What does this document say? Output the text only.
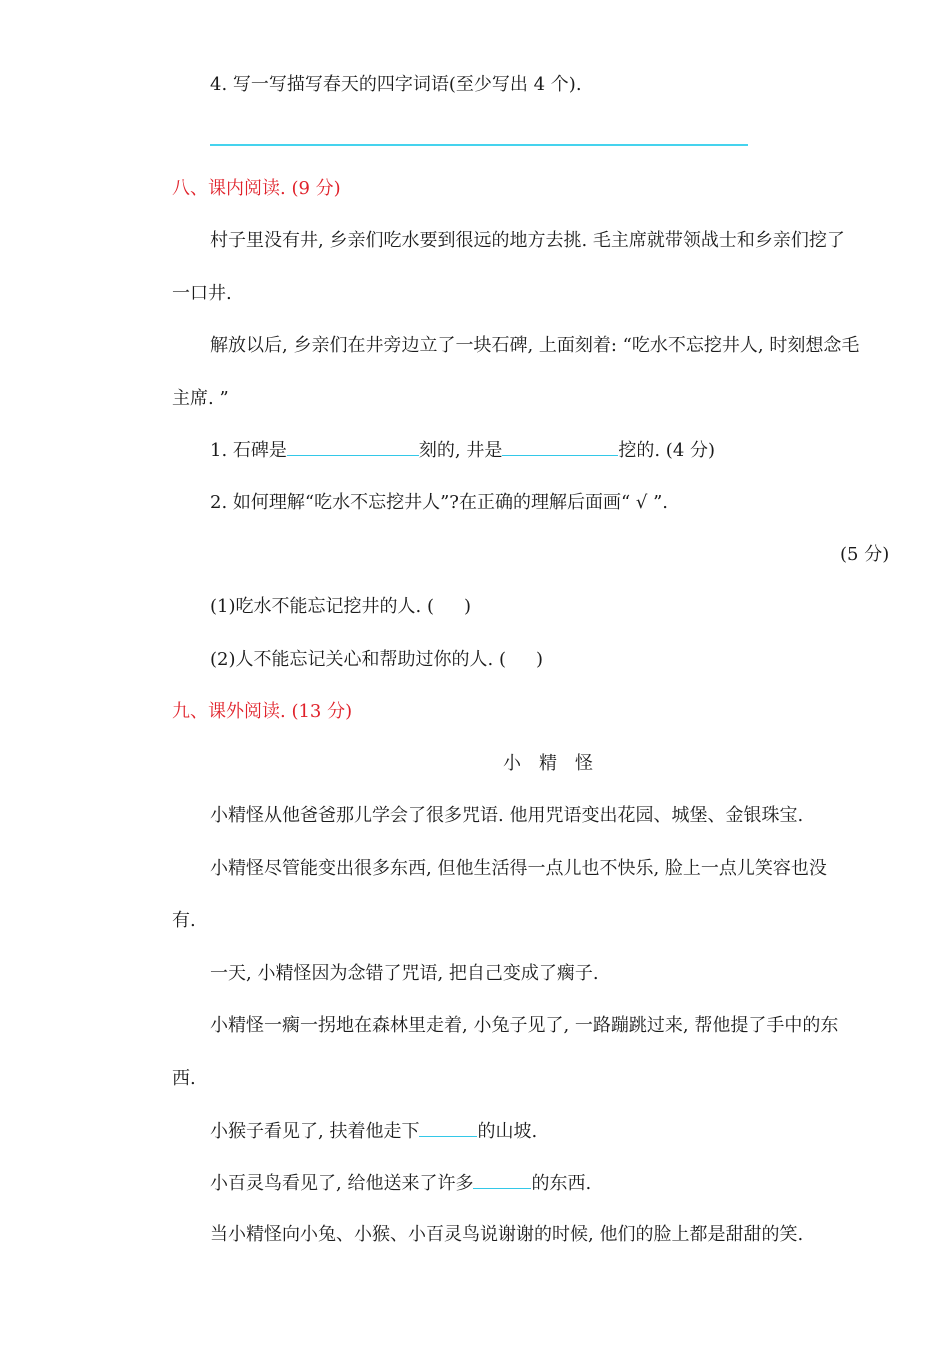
4. 写一写描写春天的四字词语(至少写出 4 个).
八、课内阅读. (9 分)
村子里没有井, 乡亲们吃水要到很远的地方去挑. 毛主席就带领战士和乡亲们挖了
一口井.
解放以后, 乡亲们在井旁边立了一块石碑, 上面刻着: “吃水不忘挖井人, 时刻想念毛
主席. ”
1. 石碑是	刻的, 井是	挖的. (4 分)
2. 如何理解“吃水不忘挖井人”?在正确的理解后面画“ √ ”.
(5 分)
(1)吃水不能忘记挖井的人. ( )
(2)人不能忘记关心和帮助过你的人. ( )
九、课外阅读. (13 分)
小　精　怪
小精怪从他爸爸那儿学会了很多咒语. 他用咒语变出花园、城堡、金银珠宝.
小精怪尽管能变出很多东西, 但他生活得一点儿也不快乐, 脸上一点儿笑容也没
有.
一天, 小精怪因为念错了咒语, 把自己变成了瘸子.
小精怪一瘸一拐地在森林里走着, 小兔子见了, 一路蹦跳过来, 帮他提了手中的东
西.
小猴子看见了, 扶着他走下	的山坡.
小百灵鸟看见了, 给他送来了许多	的东西.
当小精怪向小兔、小猴、小百灵鸟说谢谢的时候, 他们的脸上都是甜甜的笑.
